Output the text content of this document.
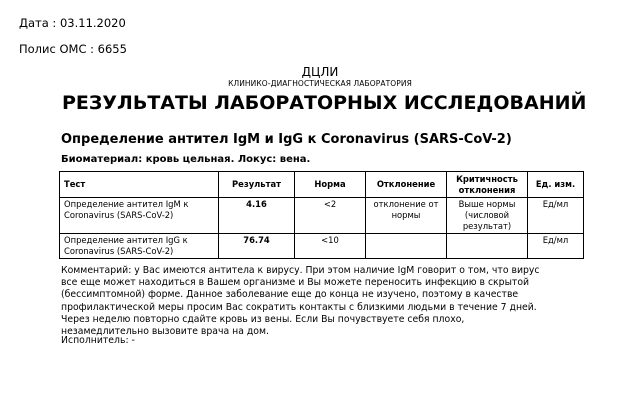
Дата : 03.11.2020
Полис ОМС : 6655
ДЦЛИ
КЛИНИКО-ДИАГНОСТИЧЕСКАЯ ЛАБОРАТОРИЯ
РЕЗУЛЬТАТЫ ЛАБОРАТОРНЫХ ИССЛЕДОВАНИЙ
Определение антител IgM и IgG к Coronavirus (SARS-CoV-2)
Биоматериал: кровь цельная. Локус: вена.
Тест	Результат	Норма	Отклонение	Критичность отклонения	Ед. изм.
Определение антител IgM к Coronavirus (SARS-CoV-2)	4.16	<2	отклонение от нормы	Выше нормы (числовой результат)	Ед/мл
Определение антител IgG к Coronavirus (SARS-CoV-2)	76.74	<10			Ед/мл

Комментарий: у Вас имеются антитела к вирусу. При этом наличие IgM говорит о том, что вирус все еще может находиться в Вашем организме и Вы можете переносить инфекцию в скрытой (бессимптомной) форме. Данное заболевание еще до конца не изучено, поэтому в качестве профилактической меры просим Вас сократить контакты с близкими людьми в течение 7 дней. Через неделю повторно сдайте кровь из вены. Если Вы почувствуете себя плохо, незамедлительно вызовите врача на дом.

Исполнитель: -
